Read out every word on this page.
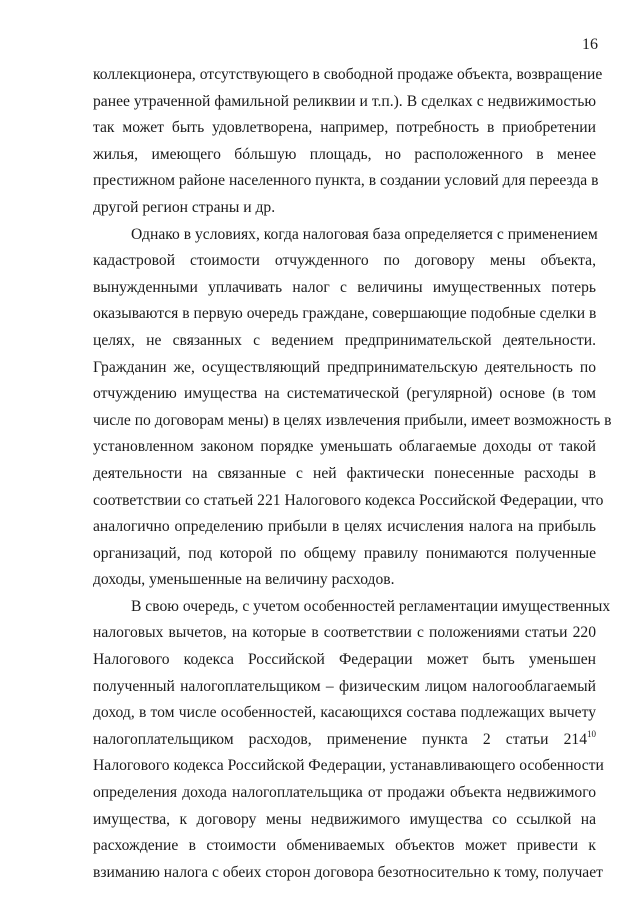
16
коллекционера, отсутствующего в свободной продаже объекта, возвращение
ранее утраченной фамильной реликвии и т.п.). В сделках с недвижимостью
так может быть удовлетворена, например, потребность в приобретении
жилья, имеющего бóльшую площадь, но расположенного в менее
престижном районе населенного пункта, в создании условий для переезда в
другой регион страны и др.
Однако в условиях, когда налоговая база определяется с применением
кадастровой стоимости отчужденного по договору мены объекта,
вынужденными уплачивать налог с величины имущественных потерь
оказываются в первую очередь граждане, совершающие подобные сделки в
целях, не связанных с ведением предпринимательской деятельности.
Гражданин же, осуществляющий предпринимательскую деятельность по
отчуждению имущества на систематической (регулярной) основе (в том
числе по договорам мены) в целях извлечения прибыли, имеет возможность в
установленном законом порядке уменьшать облагаемые доходы от такой
деятельности на связанные с ней фактически понесенные расходы в
соответствии со статьей 221 Налогового кодекса Российской Федерации, что
аналогично определению прибыли в целях исчисления налога на прибыль
организаций, под которой по общему правилу понимаются полученные
доходы, уменьшенные на величину расходов.
В свою очередь, с учетом особенностей регламентации имущественных
налоговых вычетов, на которые в соответствии с положениями статьи 220
Налогового кодекса Российской Федерации может быть уменьшен
полученный налогоплательщиком – физическим лицом налогооблагаемый
доход, в том числе особенностей, касающихся состава подлежащих вычету
налогоплательщиком расходов, применение пункта 2 статьи $214^{10}$
Налогового кодекса Российской Федерации, устанавливающего особенности
определения дохода налогоплательщика от продажи объекта недвижимого
имущества, к договору мены недвижимого имущества со ссылкой на
расхождение в стоимости обмениваемых объектов может привести к
взиманию налога с обеих сторон договора безотносительно к тому, получает
